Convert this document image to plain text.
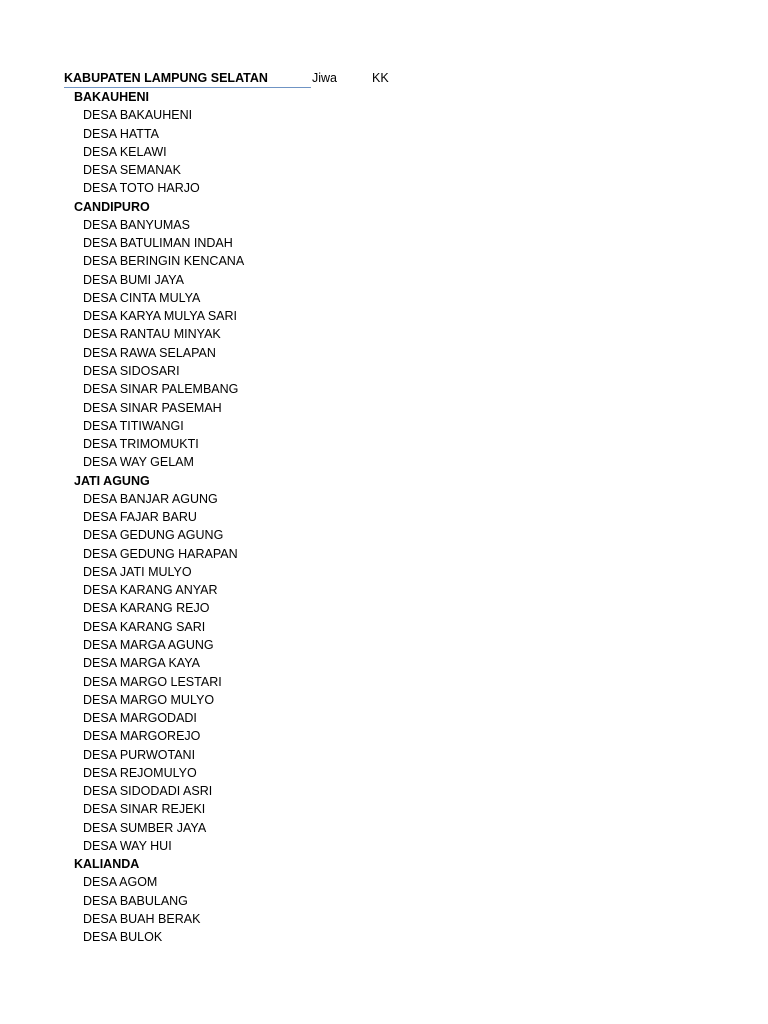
KABUPATEN LAMPUNG SELATAN	Jiwa	KK
BAKAUHENI
DESA BAKAUHENI
DESA HATTA
DESA KELAWI
DESA SEMANAK
DESA TOTO HARJO
CANDIPURO
DESA BANYUMAS
DESA BATULIMAN INDAH
DESA BERINGIN KENCANA
DESA BUMI JAYA
DESA CINTA MULYA
DESA KARYA MULYA SARI
DESA RANTAU MINYAK
DESA RAWA SELAPAN
DESA SIDOSARI
DESA SINAR PALEMBANG
DESA SINAR PASEMAH
DESA TITIWANGI
DESA TRIMOMUKTI
DESA WAY GELAM
JATI AGUNG
DESA BANJAR AGUNG
DESA FAJAR BARU
DESA GEDUNG AGUNG
DESA GEDUNG HARAPAN
DESA JATI MULYO
DESA KARANG ANYAR
DESA KARANG REJO
DESA KARANG SARI
DESA MARGA AGUNG
DESA MARGA KAYA
DESA MARGO LESTARI
DESA MARGO MULYO
DESA MARGODADI
DESA MARGOREJO
DESA PURWOTANI
DESA REJOMULYO
DESA SIDODADI ASRI
DESA SINAR REJEKI
DESA SUMBER JAYA
DESA WAY HUI
KALIANDA
DESA AGOM
DESA BABULANG
DESA BUAH BERAK
DESA BULOK
